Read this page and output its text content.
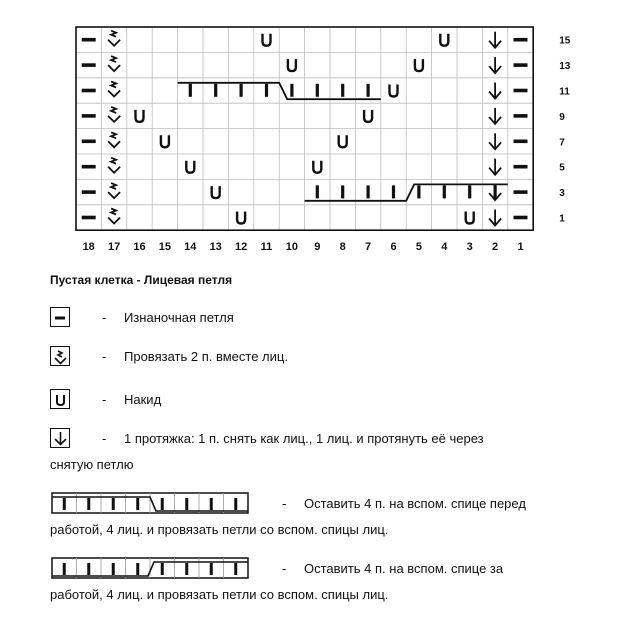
15
13
11
9
7
5
3
1
18 17 16 15 14 13 12 11 10 9 8 7 6 5 4 3 2 1
Пустая клетка - Лицевая петля
- Изнаночная петля
- Провязать 2 п. вместе лиц.
- Накид
- 1 протяжка: 1 п. снять как лиц., 1 лиц. и протянуть её через
снятую петлю
- Оставить 4 п. на вспом. спице перед
работой, 4 лиц. и провязать петли со вспом. спицы лиц.
- Оставить 4 п. на вспом. спице за
работой, 4 лиц. и провязать петли со вспом. спицы лиц.
